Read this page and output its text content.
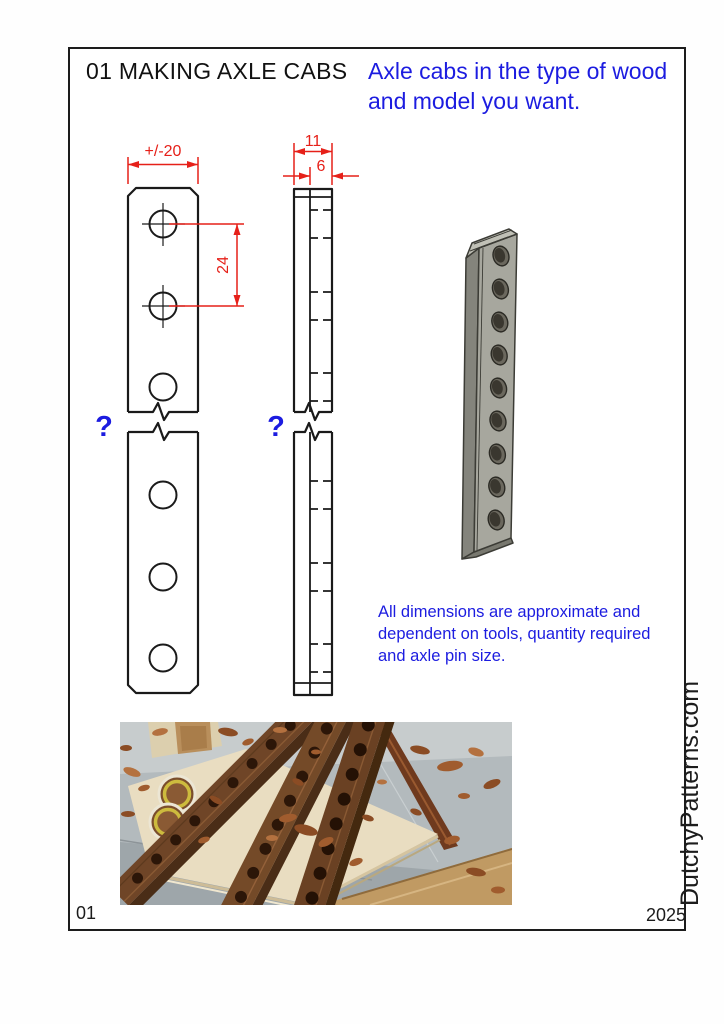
01 MAKING AXLE CABS Axle cabs in the type of wood
and model you want.
+/-20
11
6
24
?	?
All dimensions are approximate and
dependent on tools, quantity required
and axle pin size.
DutchyPatterns.com
01	2025
